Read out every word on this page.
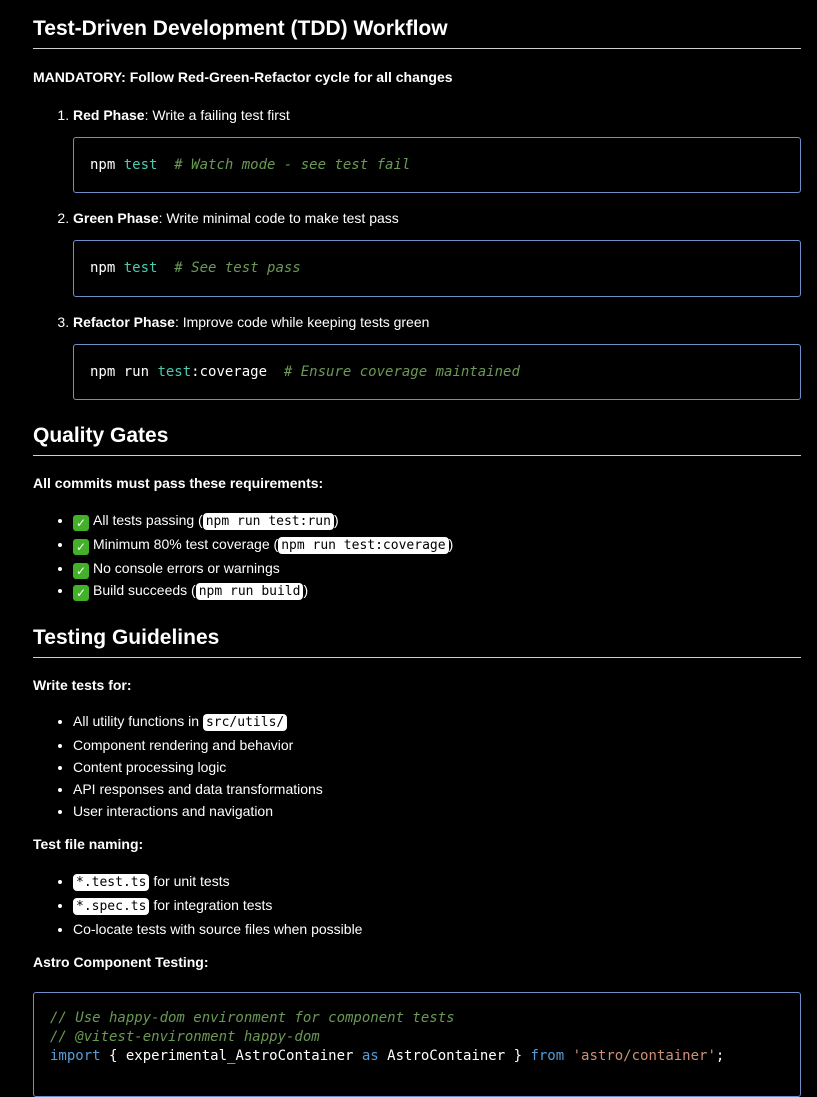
Test-Driven Development (TDD) Workflow

MANDATORY: Follow Red-Green-Refactor cycle for all changes

1. Red Phase: Write a failing test first
npm test # Watch mode - see test fail
2. Green Phase: Write minimal code to make test pass
npm test # See test pass
3. Refactor Phase: Improve code while keeping tests green
npm run test:coverage # Ensure coverage maintained
Quality Gates

All commits must pass these requirements:

• ✓ All tests passing ( npm run test:run )
• ✓ Minimum 80% test coverage ( npm run test:coverage )
• ✓ No console errors or warnings
• ✓ Build succeeds ( npm run build )
Testing Guidelines

Write tests for:

• All utility functions in src/utils/
• Component rendering and behavior
• Content processing logic
• API responses and data transformations
• User interactions and navigation

Test file naming:

• *.test.ts for unit tests
• *.spec.ts for integration tests
• Co-locate tests with source files when possible

Astro Component Testing:

// Use happy-dom environment for component tests
// @vitest-environment happy-dom
import { experimental_AstroContainer as AstroContainer } from 'astro/container';
